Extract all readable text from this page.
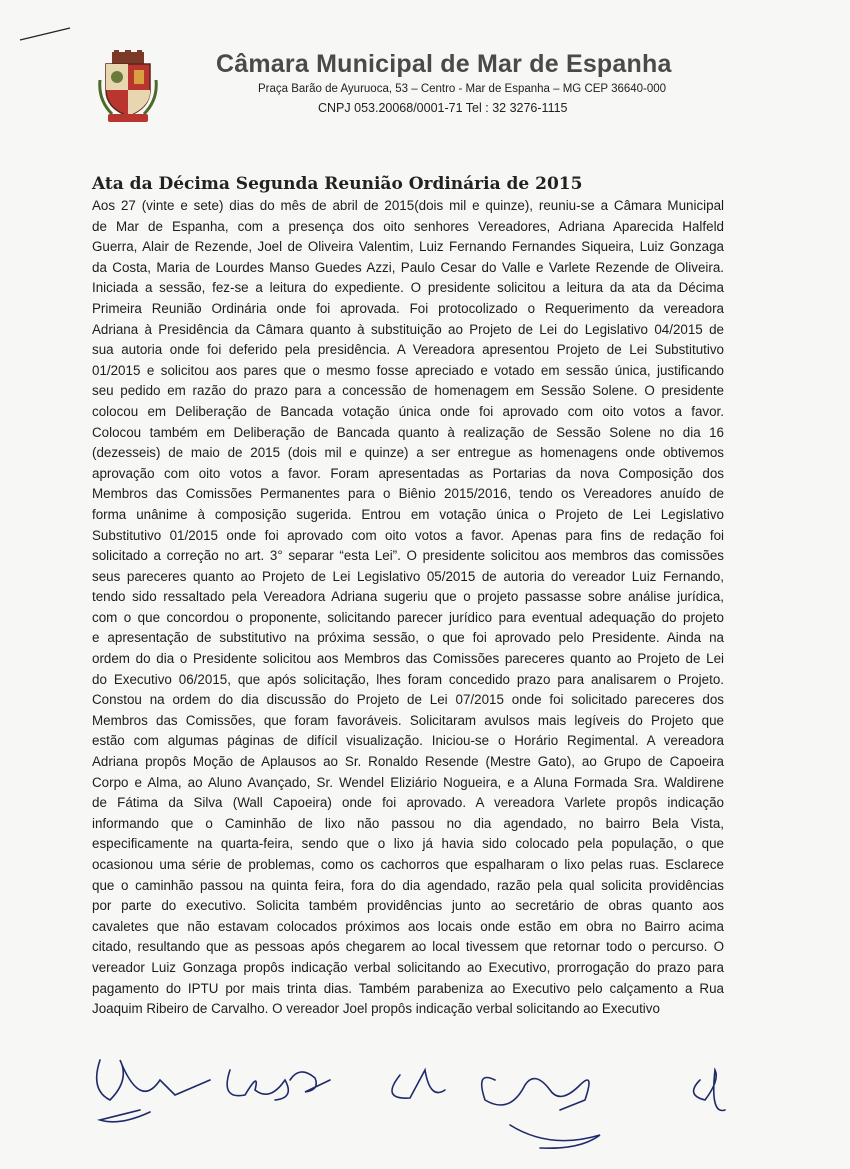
Câmara Municipal de Mar de Espanha
Praça Barão de Ayuruoca, 53 – Centro - Mar de Espanha – MG CEP 36640-000
CNPJ 053.20068/0001-71 Tel : 32 3276-1115
Ata da Décima Segunda Reunião Ordinária de 2015
Aos 27 (vinte e sete) dias do mês de abril de 2015(dois mil e quinze), reuniu-se a Câmara Municipal
de Mar de Espanha, com a presença dos oito senhores Vereadores, Adriana Aparecida Halfeld
Guerra, Alair de Rezende, Joel de Oliveira Valentim, Luiz Fernando Fernandes Siqueira, Luiz Gonzaga
da Costa, Maria de Lourdes Manso Guedes Azzi, Paulo Cesar do Valle e Varlete Rezende de Oliveira.
Iniciada a sessão, fez-se a leitura do expediente. O presidente solicitou a leitura da ata da Décima
Primeira Reunião Ordinária onde foi aprovada. Foi protocolizado o Requerimento da vereadora
Adriana à Presidência da Câmara quanto à substituição ao Projeto de Lei do Legislativo 04/2015 de
sua autoria onde foi deferido pela presidência. A Vereadora apresentou Projeto de Lei Substitutivo
01/2015 e solicitou aos pares que o mesmo fosse apreciado e votado em sessão única, justificando
seu pedido em razão do prazo para a concessão de homenagem em Sessão Solene. O presidente
colocou em Deliberação de Bancada votação única onde foi aprovado com oito votos a favor.
Colocou também em Deliberação de Bancada quanto à realização de Sessão Solene no dia 16
(dezesseis) de maio de 2015 (dois mil e quinze) a ser entregue as homenagens onde obtivemos
aprovação com oito votos a favor. Foram apresentadas as Portarias da nova Composição dos
Membros das Comissões Permanentes para o Biênio 2015/2016, tendo os Vereadores anuído de
forma unânime à composição sugerida. Entrou em votação única o Projeto de Lei Legislativo
Substitutivo 01/2015 onde foi aprovado com oito votos a favor. Apenas para fins de redação foi
solicitado a correção no art. 3° separar “esta Lei”. O presidente solicitou aos membros das comissões
seus pareceres quanto ao Projeto de Lei Legislativo 05/2015 de autoria do vereador Luiz Fernando,
tendo sido ressaltado pela Vereadora Adriana sugeriu que o projeto passasse sobre análise jurídica,
com o que concordou o proponente, solicitando parecer jurídico para eventual adequação do projeto
e apresentação de substitutivo na próxima sessão, o que foi aprovado pelo Presidente. Ainda na
ordem do dia o Presidente solicitou aos Membros das Comissões pareceres quanto ao Projeto de Lei
do Executivo 06/2015, que após solicitação, lhes foram concedido prazo para analisarem o Projeto.
Constou na ordem do dia discussão do Projeto de Lei 07/2015 onde foi solicitado pareceres dos
Membros das Comissões, que foram favoráveis. Solicitaram avulsos mais legíveis do Projeto que
estão com algumas páginas de difícil visualização. Iniciou-se o Horário Regimental. A vereadora
Adriana propôs Moção de Aplausos ao Sr. Ronaldo Resende (Mestre Gato), ao Grupo de Capoeira
Corpo e Alma, ao Aluno Avançado, Sr. Wendel Eliziário Nogueira, e a Aluna Formada Sra. Waldirene
de Fátima da Silva (Wall Capoeira) onde foi aprovado. A vereadora Varlete propôs indicação
informando que o Caminhão de lixo não passou no dia agendado, no bairro Bela Vista,
especificamente na quarta-feira, sendo que o lixo já havia sido colocado pela população, o que
ocasionou uma série de problemas, como os cachorros que espalharam o lixo pelas ruas. Esclarece
que o caminhão passou na quinta feira, fora do dia agendado, razão pela qual solicita providências
por parte do executivo. Solicita também providências junto ao secretário de obras quanto aos
cavaletes que não estavam colocados próximos aos locais onde estão em obra no Bairro acima
citado, resultando que as pessoas após chegarem ao local tivessem que retornar todo o percurso. O
vereador Luiz Gonzaga propôs indicação verbal solicitando ao Executivo, prorrogação do prazo para
pagamento do IPTU por mais trinta dias. Também parabeniza ao Executivo pelo calçamento a Rua
Joaquim Ribeiro de Carvalho. O vereador Joel propôs indicação verbal solicitando ao Executivo
